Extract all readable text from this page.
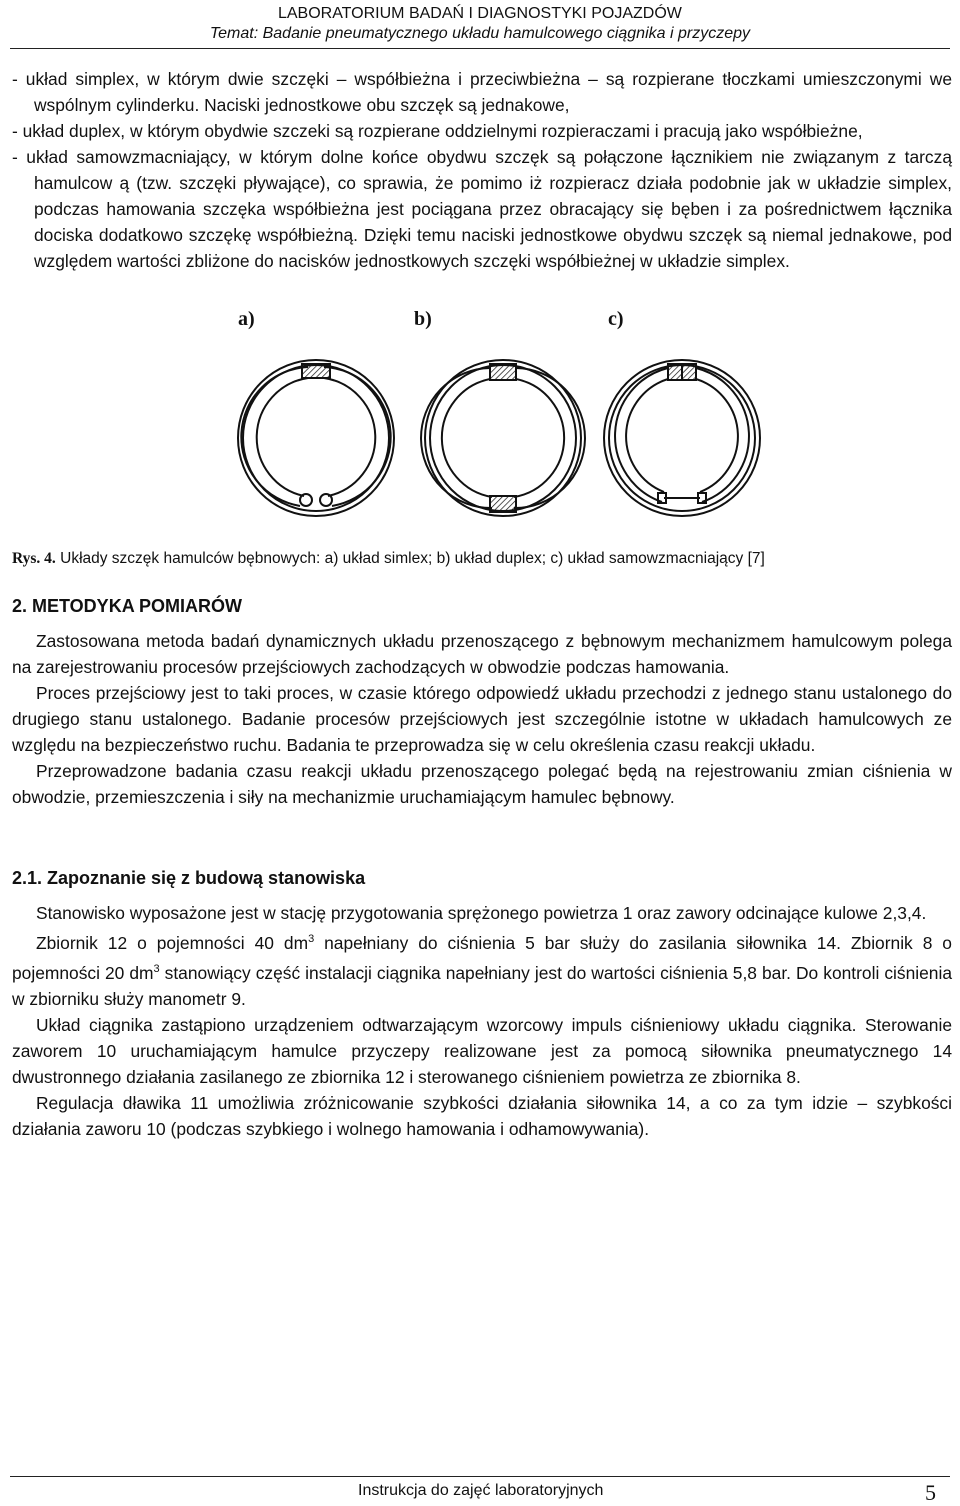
LABORATORIUM BADAŃ I DIAGNOSTYKI POJAZDÓW
Temat: Badanie pneumatycznego układu hamulcowego ciągnika i przyczepy

- układ simplex, w którym dwie szczęki – współbieżna i przeciwbieżna – są rozpierane tłoczkami umieszczonymi we wspólnym cylinderku. Naciski jednostkowe obu szczęk są jednakowe,

- układ duplex, w którym obydwie szczeki są rozpierane oddzielnymi rozpieraczami i pracują jako współbieżne,

- układ samowzmacniający, w którym dolne końce obydwu szczęk są połączone łącznikiem nie związanym z tarczą hamulcow ą (tzw. szczęki pływające), co sprawia, że pomimo iż rozpieracz działa podobnie jak w układzie simplex, podczas hamowania szczęka współbieżna jest pociągana przez obracający się bęben i za pośrednictwem łącznika dociska dodatkowo szczękę współbieżną. Dzięki temu naciski jednostkowe obydwu szczęk są niemal jednakowe, pod względem wartości zbliżone do nacisków jednostkowych szczęki współbieżnej w układzie simplex.

a)	b)	c)
Rys. 4. Układy szczęk hamulców bębnowych: a) układ simlex; b) układ duplex; c) układ samowzmacniający [7]
2. METODYKA POMIARÓW

Zastosowana metoda badań dynamicznych układu przenoszącego z bębnowym mechanizmem hamulcowym polega na zarejestrowaniu procesów przejściowych zachodzących w obwodzie podczas hamowania.

Proces przejściowy jest to taki proces, w czasie którego odpowiedź układu przechodzi z jednego stanu ustalonego do drugiego stanu ustalonego. Badanie procesów przejściowych jest szczególnie istotne w układach hamulcowych ze względu na bezpieczeństwo ruchu. Badania te przeprowadza się w celu określenia czasu reakcji układu.

Przeprowadzone badania czasu reakcji układu przenoszącego polegać będą na rejestrowaniu zmian ciśnienia w obwodzie, przemieszczenia i siły na mechanizmie uruchamiającym hamulec bębnowy.

2.1. Zapoznanie się z budową stanowiska

Stanowisko wyposażone jest w stację przygotowania sprężonego powietrza 1 oraz zawory odcinające kulowe 2,3,4.

Zbiornik 12 o pojemności 40 $dm^3$ napełniany do ciśnienia 5 bar służy do zasilania siłownika 14. Zbiornik 8 o pojemności 20 $dm^3$ stanowiący część instalacji ciągnika napełniany jest do wartości ciśnienia 5,8 bar. Do kontroli ciśnienia w zbiorniku służy manometr 9.

Układ ciągnika zastąpiono urządzeniem odtwarzającym wzorcowy impuls ciśnieniowy układu ciągnika. Sterowanie zaworem 10 uruchamiającym hamulce przyczepy realizowane jest za pomocą siłownika pneumatycznego 14 dwustronnego działania zasilanego ze zbiornika 12 i sterowanego ciśnieniem powietrza ze zbiornika 8.

Regulacja dławika 11 umożliwia zróżnicowanie szybkości działania siłownika 14, a co za tym idzie – szybkości działania zaworu 10 (podczas szybkiego i wolnego hamowania i odhamowywania).

Instrukcja do zajęć laboratoryjnych	5
